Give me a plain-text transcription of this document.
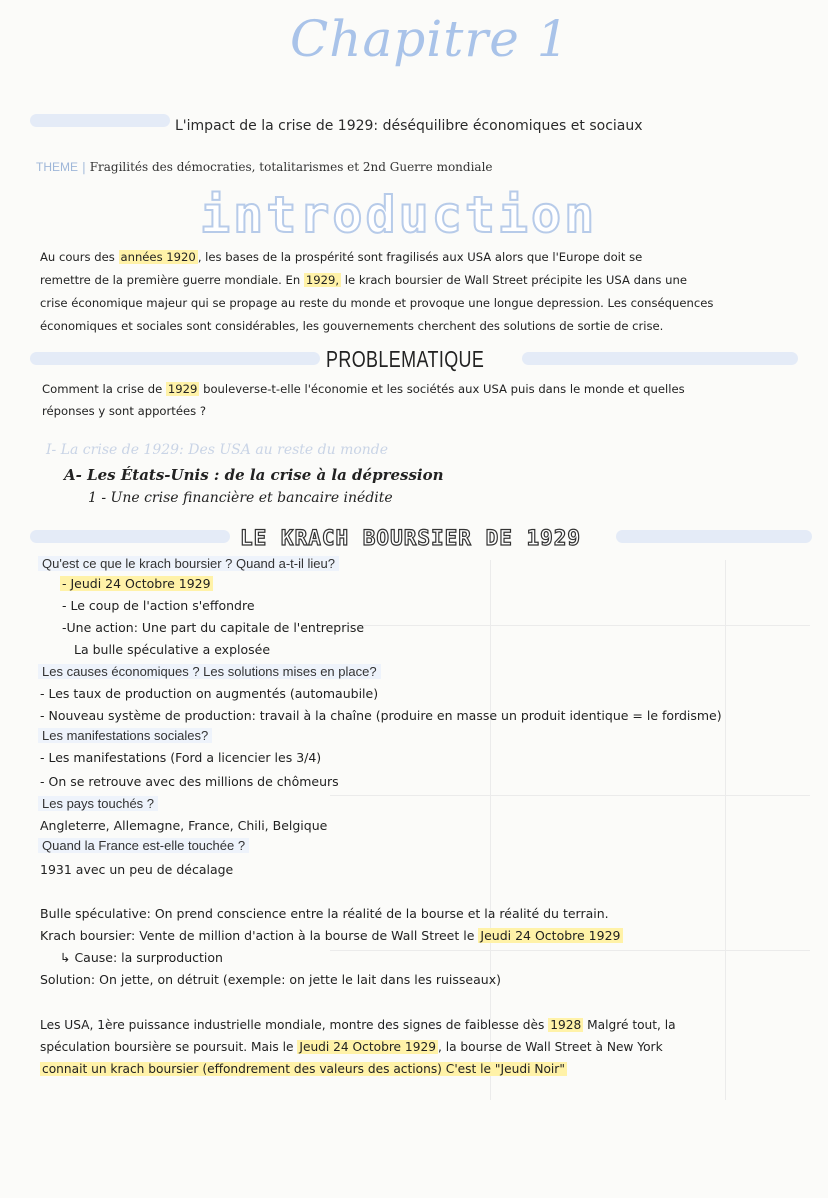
Chapitre 1
L'impact de la crise de 1929: déséquilibre économiques et sociaux
THEME | Fragilités des démocraties, totalitarismes et 2nd Guerre mondiale
introduction
Au cours des années 1920 , les bases de la prospérité sont fragilisés aux USA alors que l'Europe doit se
remettre de la première guerre mondiale. En 1929, le krach boursier de Wall Street précipite les USA dans une
crise économique majeur qui se propage au reste du monde et provoque une longue depression. Les conséquences
économiques et sociales sont considérables, les gouvernements cherchent des solutions de sortie de crise.
PROBLEMATIQUE
Comment la crise de 1929 bouleverse-t-elle l'économie et les sociétés aux USA puis dans le monde et quelles
réponses y sont apportées ?
I- La crise de 1929: Des USA au reste du monde
A- Les États-Unis : de la crise à la dépression
1 - Une crise financière et bancaire inédite
LE KRACH BOURSIER DE 1929
Qu'est ce que le krach boursier ? Quand a-t-il lieu?
- Jeudi 24 Octobre 1929
- Le coup de l'action s'effondre
-Une action: Une part du capitale de l'entreprise
La bulle spéculative a explosée
Les causes économiques ? Les solutions mises en place?
- Les taux de production on augmentés (automaubile)
- Nouveau système de production: travail à la chaîne (produire en masse un produit identique = le fordisme)
Les manifestations sociales?
- Les manifestations (Ford a licencier les 3/4)
- On se retrouve avec des millions de chômeurs
Les pays touchés ?
Angleterre, Allemagne, France, Chili, Belgique
Quand la France est-elle touchée ?
1931 avec un peu de décalage
Bulle spéculative: On prend conscience entre la réalité de la bourse et la réalité du terrain.
Krach boursier: Vente de million d'action à la bourse de Wall Street le Jeudi 24 Octobre 1929
↳ Cause: la surproduction
Solution: On jette, on détruit (exemple: on jette le lait dans les ruisseaux)
Les USA, 1ère puissance industrielle mondiale, montre des signes de faiblesse dès 1928 Malgré tout, la
spéculation boursière se poursuit. Mais le Jeudi 24 Octobre 1929 , la bourse de Wall Street à New York
connait un krach boursier (effondrement des valeurs des actions) C'est le "Jeudi Noir"
